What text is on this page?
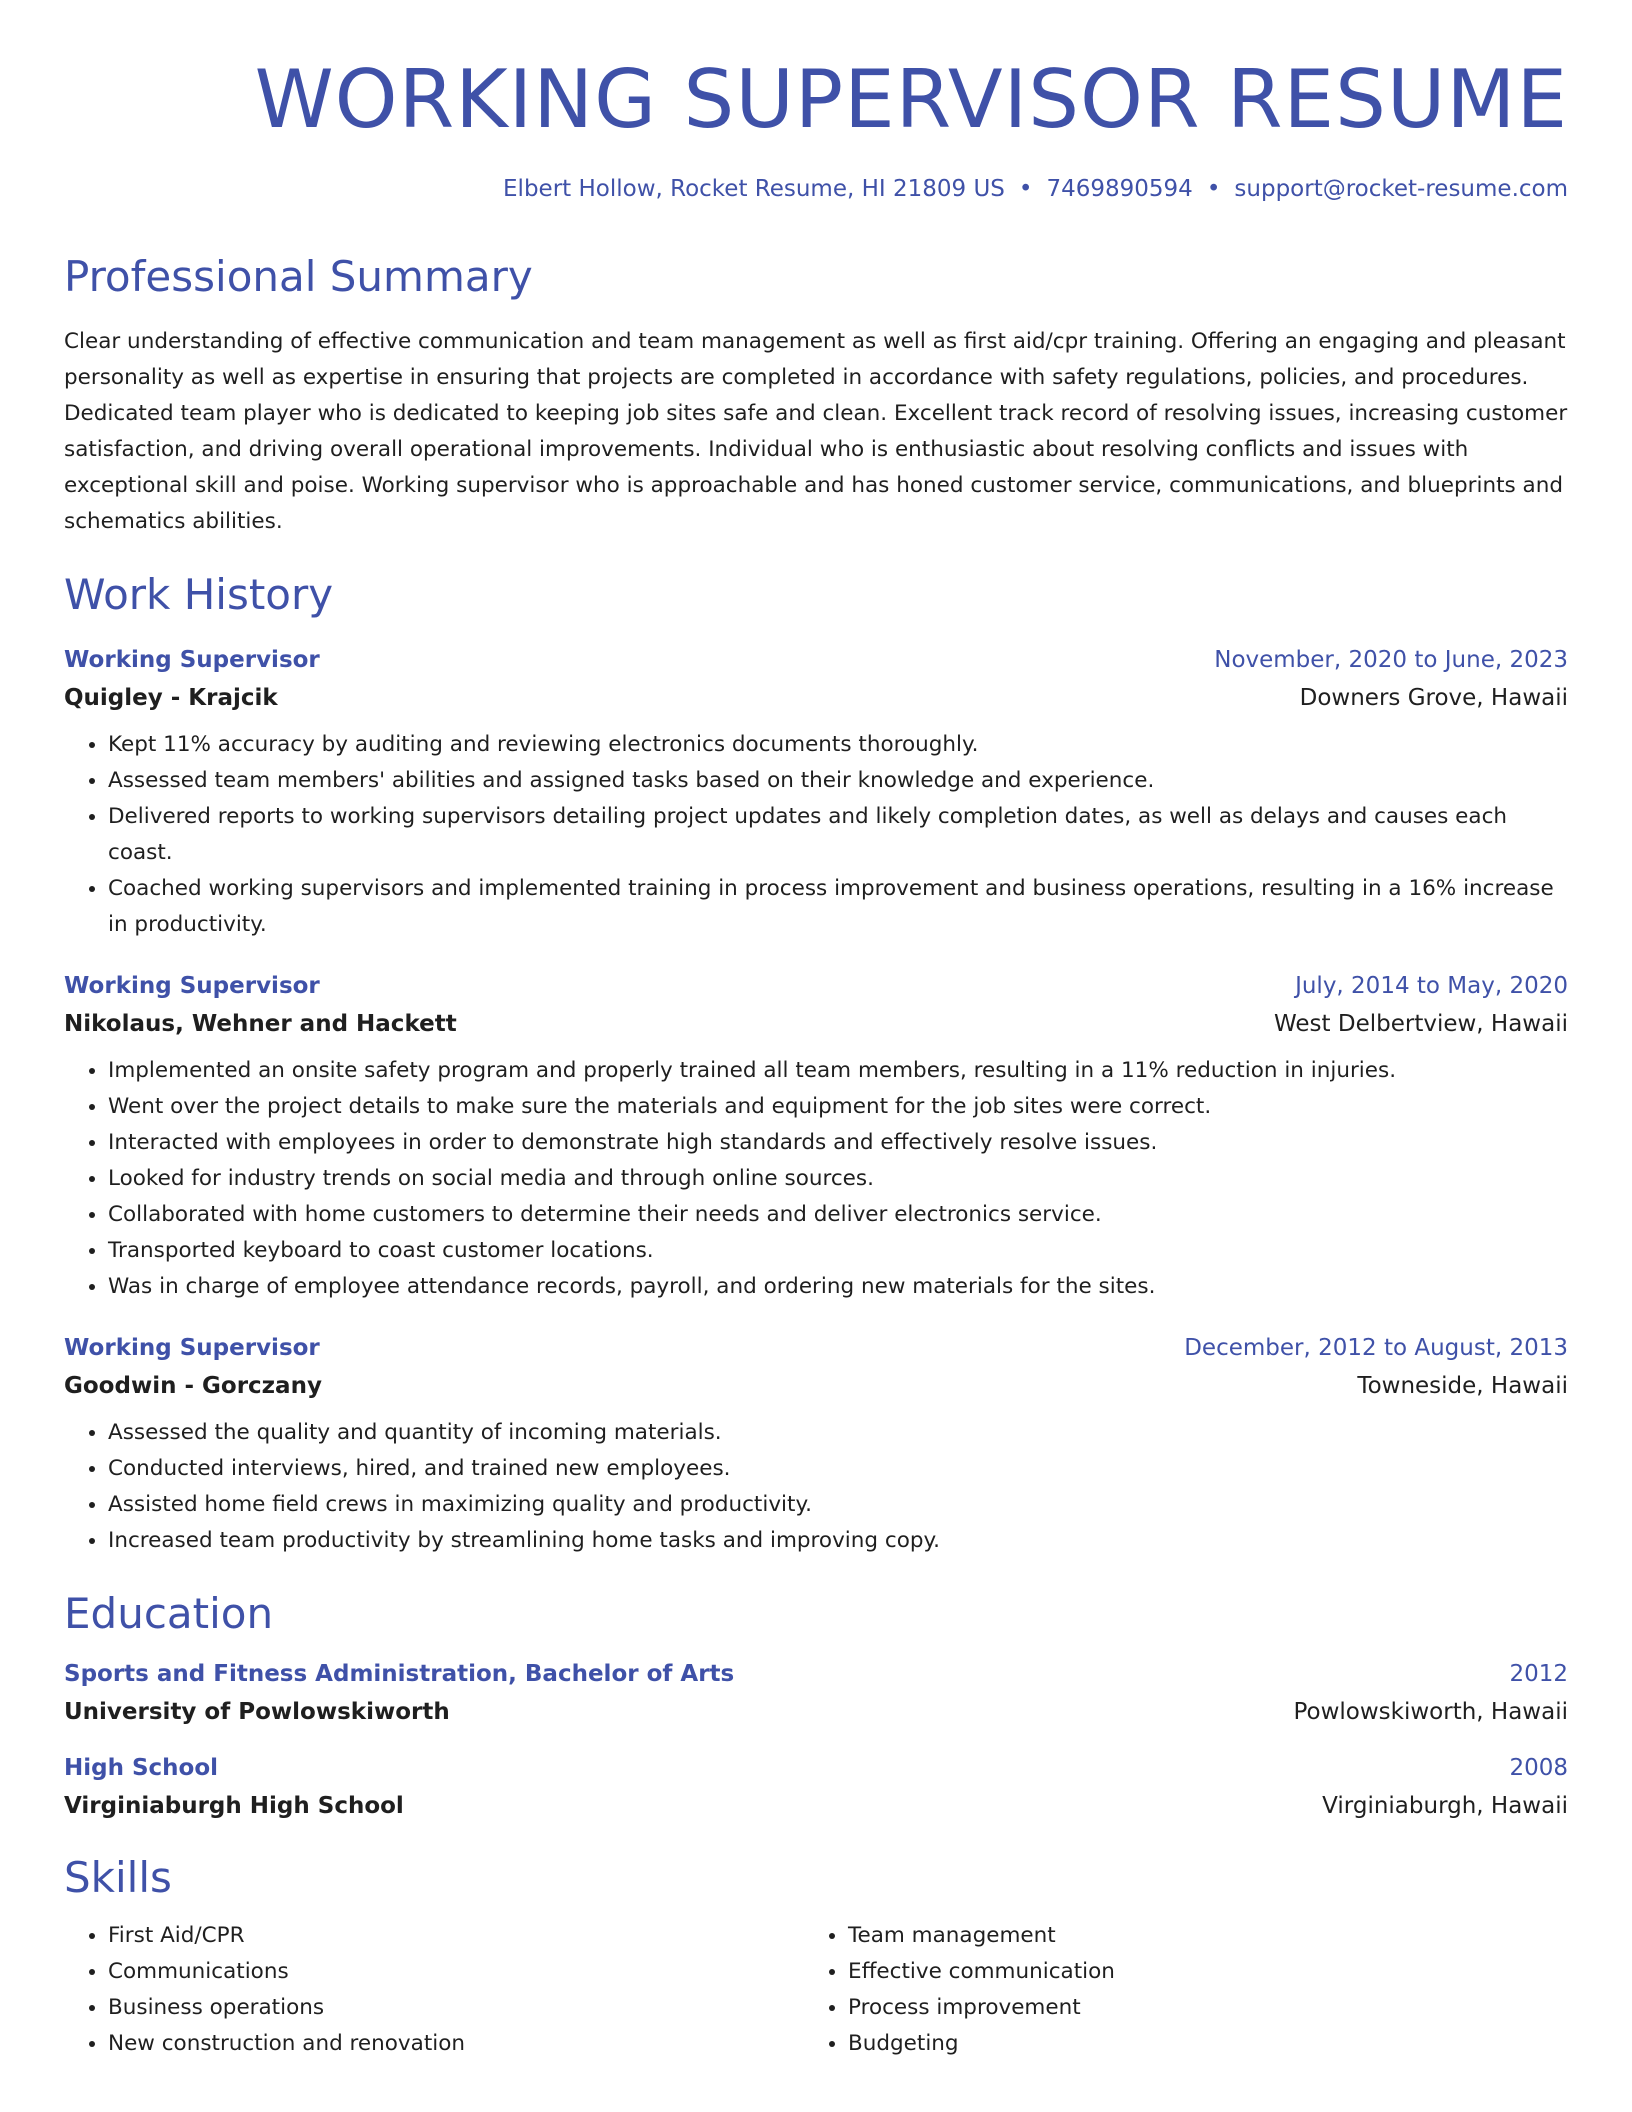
WORKING SUPERVISOR RESUME
Elbert Hollow, Rocket Resume, HI 21809 US • 7469890594 • support@rocket-resume.com
Professional Summary
Clear understanding of effective communication and team management as well as first aid/cpr training. Offering an engaging and pleasant personality as well as expertise in ensuring that projects are completed in accordance with safety regulations, policies, and procedures. Dedicated team player who is dedicated to keeping job sites safe and clean. Excellent track record of resolving issues, increasing customer satisfaction, and driving overall operational improvements. Individual who is enthusiastic about resolving conflicts and issues with exceptional skill and poise. Working supervisor who is approachable and has honed customer service, communications, and blueprints and schematics abilities.
Work History
Working Supervisor	November, 2020 to June, 2023
Quigley - Krajcik	Downers Grove, Hawaii
• Kept 11% accuracy by auditing and reviewing electronics documents thoroughly.
• Assessed team members' abilities and assigned tasks based on their knowledge and experience.
• Delivered reports to working supervisors detailing project updates and likely completion dates, as well as delays and causes each coast.
• Coached working supervisors and implemented training in process improvement and business operations, resulting in a 16% increase in productivity.
Working Supervisor	July, 2014 to May, 2020
Nikolaus, Wehner and Hackett	West Delbertview, Hawaii
• Implemented an onsite safety program and properly trained all team members, resulting in a 11% reduction in injuries.
• Went over the project details to make sure the materials and equipment for the job sites were correct.
• Interacted with employees in order to demonstrate high standards and effectively resolve issues.
• Looked for industry trends on social media and through online sources.
• Collaborated with home customers to determine their needs and deliver electronics service.
• Transported keyboard to coast customer locations.
• Was in charge of employee attendance records, payroll, and ordering new materials for the sites.
Working Supervisor	December, 2012 to August, 2013
Goodwin - Gorczany	Towneside, Hawaii
• Assessed the quality and quantity of incoming materials.
• Conducted interviews, hired, and trained new employees.
• Assisted home field crews in maximizing quality and productivity.
• Increased team productivity by streamlining home tasks and improving copy.
Education
Sports and Fitness Administration, Bachelor of Arts	2012
University of Powlowskiworth	Powlowskiworth, Hawaii
High School	2008
Virginiaburgh High School	Virginiaburgh, Hawaii
Skills
• First Aid/CPR
• Communications
• Business operations
• New construction and renovation
• Team management
• Effective communication
• Process improvement
• Budgeting
